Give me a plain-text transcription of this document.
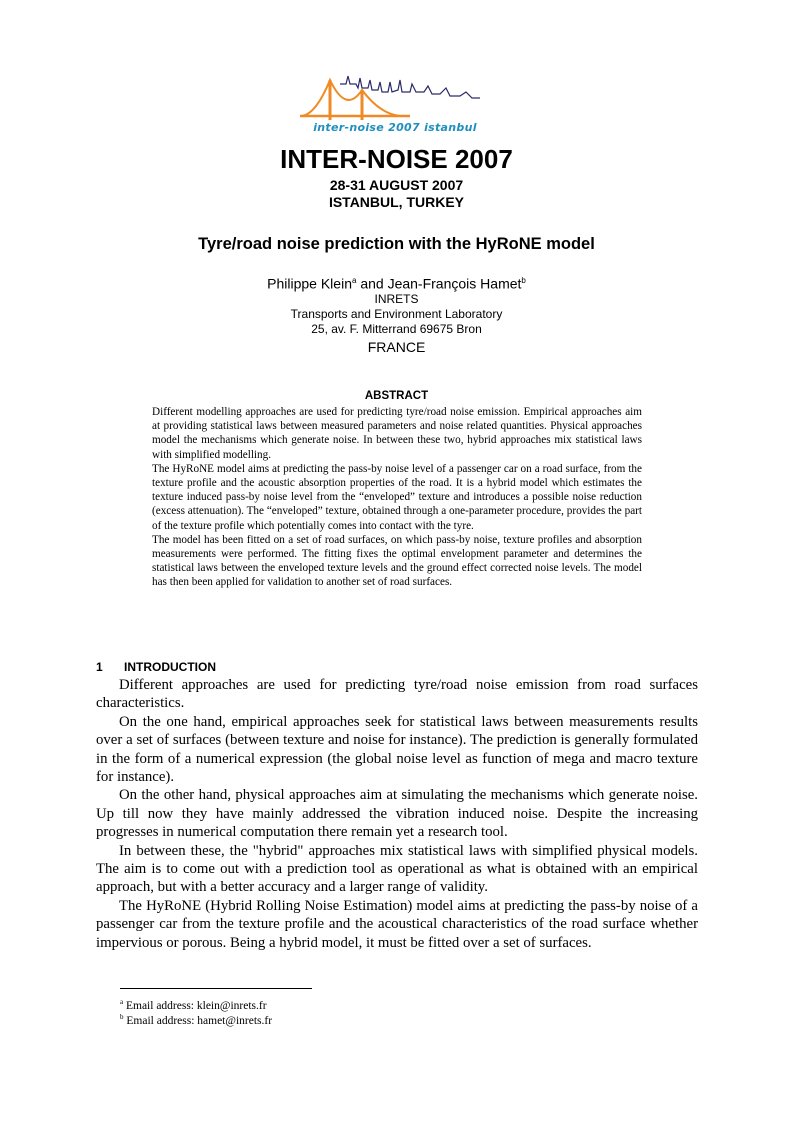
inter-noise 2007 istanbul
INTER-NOISE 2007
28-31 AUGUST 2007
ISTANBUL, TURKEY
Tyre/road noise prediction with the HyRoNE model
Philippe Klein$^a$ and Jean-François Hamet$^b$
INRETS
Transports and Environment Laboratory
25, av. F. Mitterrand 69675 Bron
FRANCE
ABSTRACT

Different modelling approaches are used for predicting tyre/road noise emission. Empirical approaches aim at providing statistical laws between measured parameters and noise related quantities. Physical approaches model the mechanisms which generate noise. In between these two, hybrid approaches mix statistical laws with simplified modelling.

The HyRoNE model aims at predicting the pass-by noise level of a passenger car on a road surface, from the texture profile and the acoustic absorption properties of the road. It is a hybrid model which estimates the texture induced pass-by noise level from the “enveloped” texture and introduces a possible noise reduction (excess attenuation). The “enveloped” texture, obtained through a one-parameter procedure, provides the part of the texture profile which potentially comes into contact with the tyre.

The model has been fitted on a set of road surfaces, on which pass-by noise, texture profiles and absorption measurements were performed. The fitting fixes the optimal envelopment parameter and determines the statistical laws between the enveloped texture levels and the ground effect corrected noise levels. The model has then been applied for validation to another set of road surfaces.

1 INTRODUCTION

Different approaches are used for predicting tyre/road noise emission from road surfaces characteristics.

On the one hand, empirical approaches seek for statistical laws between measurements results over a set of surfaces (between texture and noise for instance). The prediction is generally formulated in the form of a numerical expression (the global noise level as function of mega and macro texture for instance).

On the other hand, physical approaches aim at simulating the mechanisms which generate noise. Up till now they have mainly addressed the vibration induced noise. Despite the increasing progresses in numerical computation there remain yet a research tool.

In between these, the "hybrid" approaches mix statistical laws with simplified physical models. The aim is to come out with a prediction tool as operational as what is obtained with an empirical approach, but with a better accuracy and a larger range of validity.

The HyRoNE (Hybrid Rolling Noise Estimation) model aims at predicting the pass-by noise of a passenger car from the texture profile and the acoustical characteristics of the road surface whether impervious or porous. Being a hybrid model, it must be fitted over a set of surfaces.

$^a$ Email address: klein@inrets.fr
$^b$ Email address: hamet@inrets.fr
